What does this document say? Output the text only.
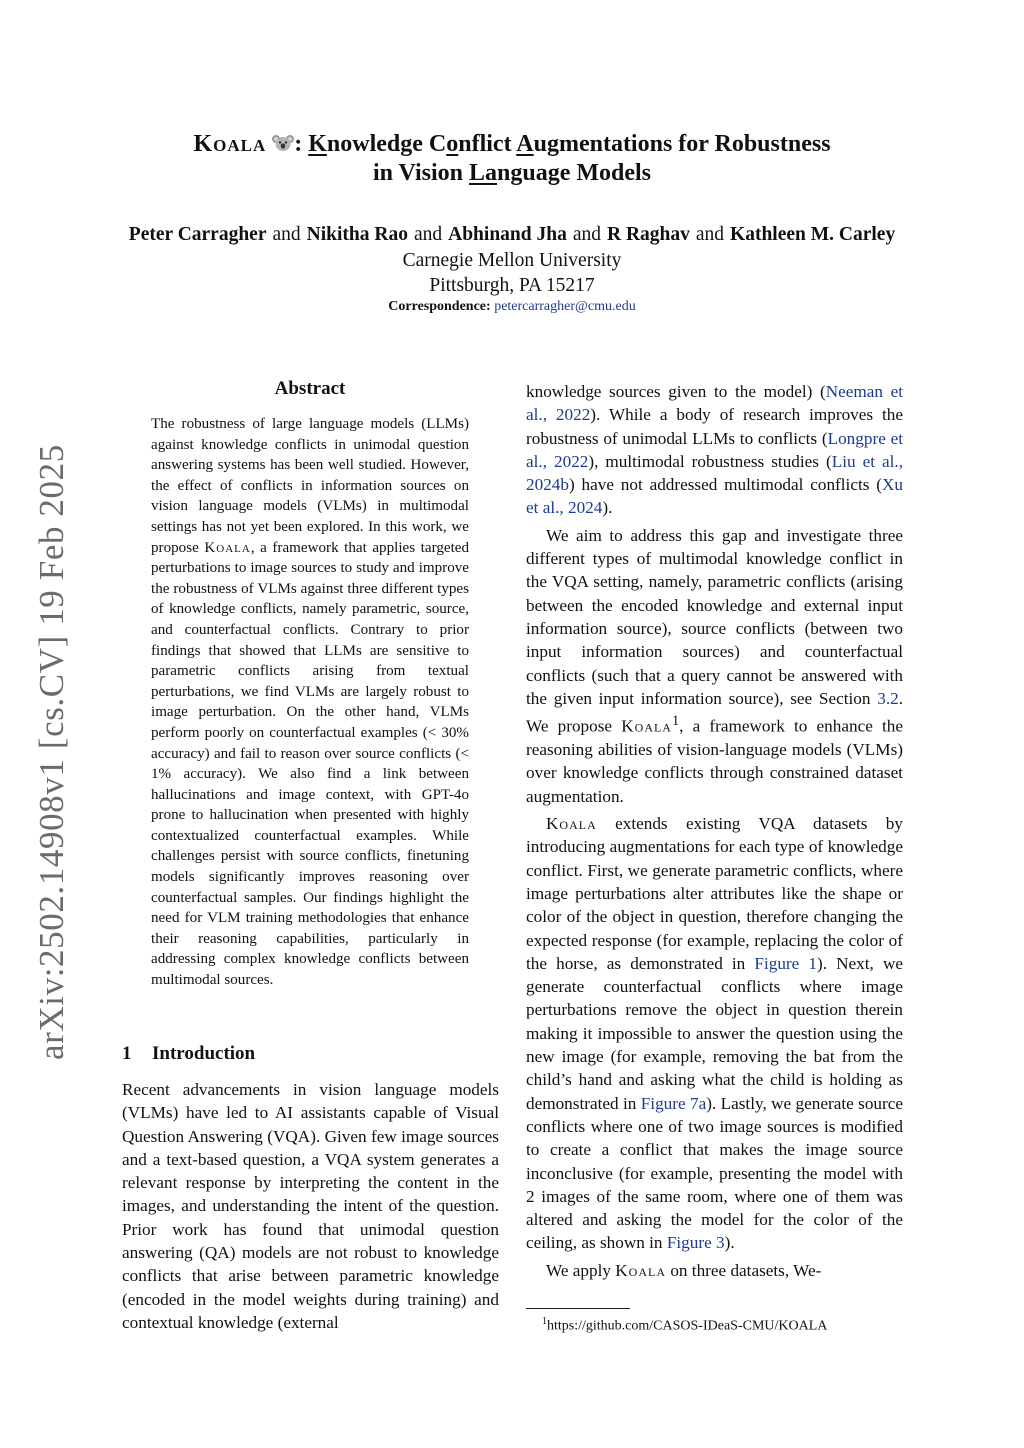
Koala : Knowledge Conflict Augmentations for Robustness
in Vision Language Models
Peter Carragher and Nikitha Rao and Abhinand Jha and R Raghav and Kathleen M. Carley
Carnegie Mellon University
Pittsburgh, PA 15217
Correspondence: petercarragher@cmu.edu
arXiv:2502.14908v1 [cs.CV] 19 Feb 2025
Abstract
The robustness of large language models (LLMs) against knowledge conflicts in unimodal question answering systems has been well studied. However, the effect of conflicts in information sources on vision language models (VLMs) in multimodal settings has not yet been explored. In this work, we propose Koala, a framework that applies targeted perturbations to image sources to study and improve the robustness of VLMs against three different types of knowledge conflicts, namely parametric, source, and counterfactual conflicts. Contrary to prior findings that showed that LLMs are sensitive to parametric conflicts arising from textual perturbations, we find VLMs are largely robust to image perturbation. On the other hand, VLMs perform poorly on counterfactual examples (< 30% accuracy) and fail to reason over source conflicts (< 1% accuracy). We also find a link between hallucinations and image context, with GPT-4o prone to hallucination when presented with highly contextualized counterfactual examples. While challenges persist with source conflicts, finetuning models significantly improves reasoning over counterfactual samples. Our findings highlight the need for VLM training methodologies that enhance their reasoning capabilities, particularly in addressing complex knowledge conflicts between multimodal sources.
1 Introduction
Recent advancements in vision language models (VLMs) have led to AI assistants capable of Visual Question Answering (VQA). Given few image sources and a text-based question, a VQA system generates a relevant response by interpreting the content in the images, and understanding the intent of the question. Prior work has found that unimodal question answering (QA) models are not robust to knowledge conflicts that arise between parametric knowledge (encoded in the model weights during training) and contextual knowledge (external

knowledge sources given to the model) (Neeman et al., 2022). While a body of research improves the robustness of unimodal LLMs to conflicts (Longpre et al., 2022), multimodal robustness studies (Liu et al., 2024b) have not addressed multimodal conflicts (Xu et al., 2024).

We aim to address this gap and investigate three different types of multimodal knowledge conflict in the VQA setting, namely, parametric conflicts (arising between the encoded knowledge and external input information source), source conflicts (between two input information sources) and counterfactual conflicts (such that a query cannot be answered with the given input information source), see Section 3.2. We propose Koala$^1$, a framework to enhance the reasoning abilities of vision-language models (VLMs) over knowledge conflicts through constrained dataset augmentation.

Koala extends existing VQA datasets by introducing augmentations for each type of knowledge conflict. First, we generate parametric conflicts, where image perturbations alter attributes like the shape or color of the object in question, therefore changing the expected response (for example, replacing the color of the horse, as demonstrated in Figure 1). Next, we generate counterfactual conflicts where image perturbations remove the object in question therein making it impossible to answer the question using the new image (for example, removing the bat from the child’s hand and asking what the child is holding as demonstrated in Figure 7a). Lastly, we generate source conflicts where one of two image sources is modified to create a conflict that makes the image source inconclusive (for example, presenting the model with 2 images of the same room, where one of them was altered and asking the model for the color of the ceiling, as shown in Figure 3).

We apply Koala on three datasets, We-

$^1$https://github.com/CASOS-IDeaS-CMU/KOALA
